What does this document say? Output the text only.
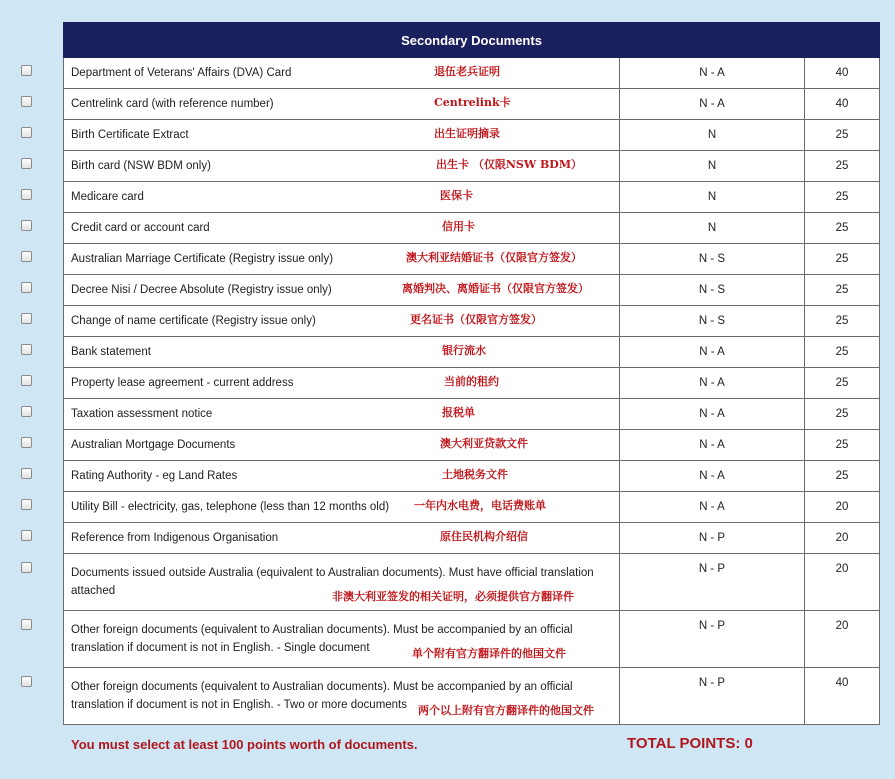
Secondary Documents		
Department of Veterans' Affairs (DVA) Card 退伍老兵证明	N - A	40
Centrelink card (with reference number) Centrelink卡	N - A	40
Birth Certificate Extract 出生证明摘录	N	25
Birth card (NSW BDM only) 出生卡 （仅限NSW BDM）	N	25
Medicare card 医保卡	N	25
Credit card or account card 信用卡	N	25
Australian Marriage Certificate (Registry issue only) 澳大利亚结婚证书（仅限官方签发）	N - S	25
Decree Nisi / Decree Absolute (Registry issue only) 离婚判决、离婚证书（仅限官方签发）	N - S	25
Change of name certificate (Registry issue only) 更名证书（仅限官方签发）	N - S	25
Bank statement 银行流水	N - A	25
Property lease agreement - current address 当前的租约	N - A	25
Taxation assessment notice 报税单	N - A	25
Australian Mortgage Documents 澳大利亚贷款文件	N - A	25
Rating Authority - eg Land Rates 土地税务文件	N - A	25
Utility Bill - electricity, gas, telephone (less than 12 months old) 一年内水电费，电话费账单	N - A	20
Reference from Indigenous Organisation 原住民机构介绍信	N - P	20
Documents issued outside Australia (equivalent to Australian documents). Must have official translation attached 非澳大利亚签发的相关证明，必须提供官方翻译件	N - P	20
Other foreign documents (equivalent to Australian documents). Must be accompanied by an official translation if document is not in English. - Single document 单个附有官方翻译件的他国文件	N - P	20
Other foreign documents (equivalent to Australian documents). Must be accompanied by an official translation if document is not in English. - Two or more documents 两个以上附有官方翻译件的他国文件	N - P	40
You must select at least 100 points worth of documents.	TOTAL POINTS: 0
